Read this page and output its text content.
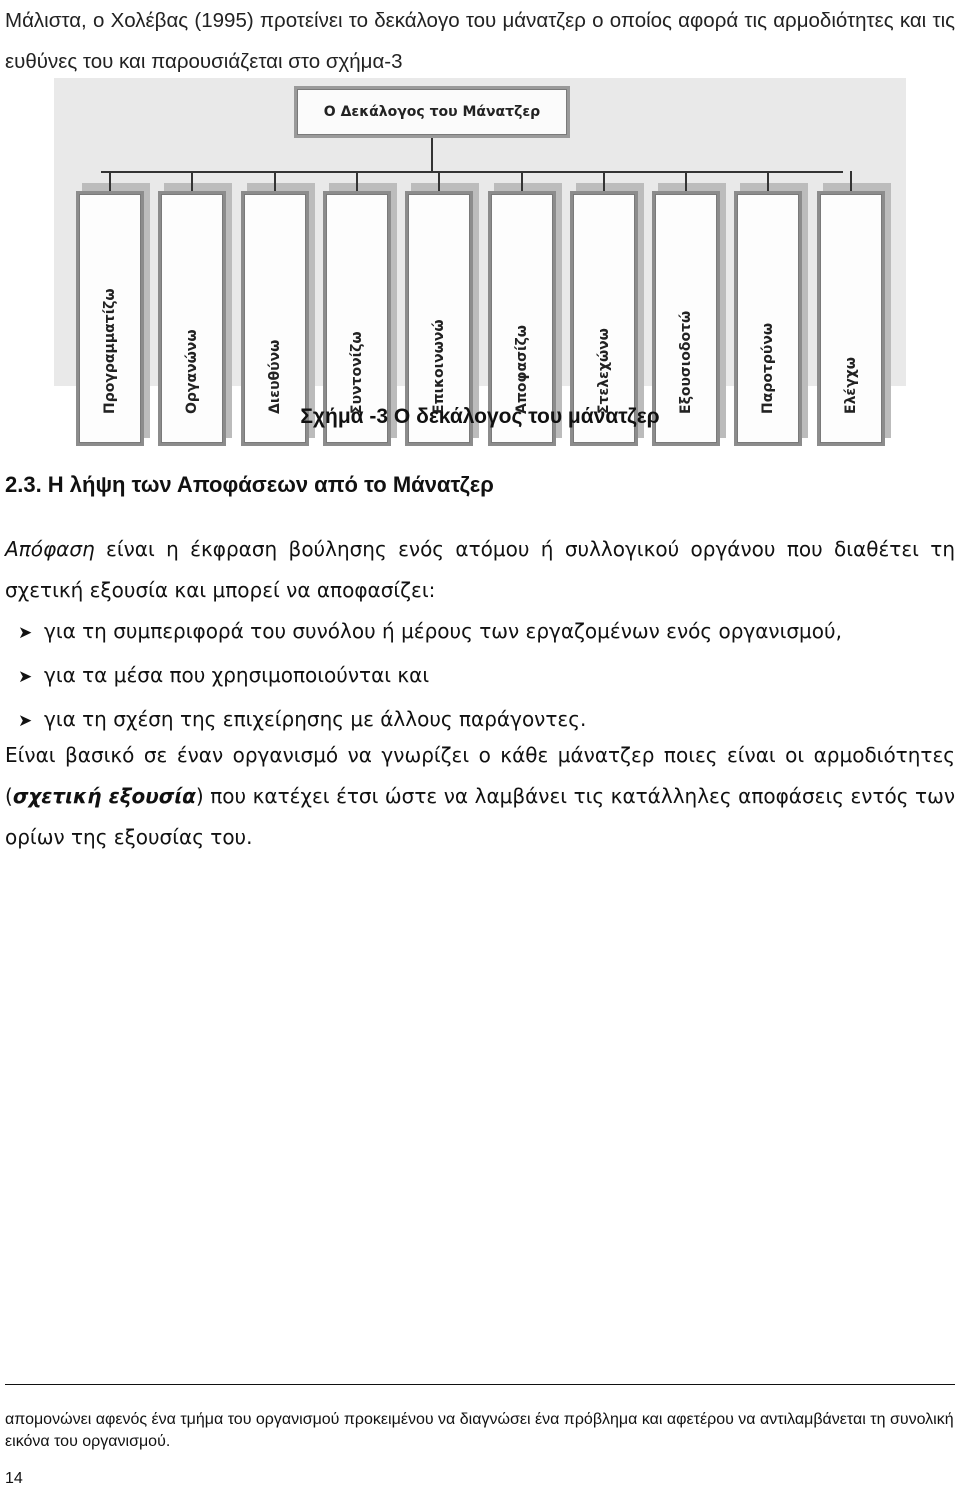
Μάλιστα, ο Χολέβας (1995) προτείνει το δεκάλογο του μάνατζερ ο οποίος αφορά τις αρμοδιότητες και τις ευθύνες του και παρουσιάζεται στο σχήμα-3

Ο Δεκάλογος του Μάνατζερ
Προγραμματίζω	Οργανώνω	Διευθύνω	Συντονίζω	Επικοινωνώ	Αποφασίζω	Στελεχώνω	Εξουσιοδοτώ	Παροτρύνω	Ελέγχω
Σχήμα -3 Ο δεκάλογος του μάνατζερ
2.3. Η λήψη των Αποφάσεων από το Μάνατζερ

Απόφαση είναι η έκφραση βούλησης ενός ατόμου ή συλλογικού οργάνου που διαθέτει τη σχετική εξουσία και μπορεί να αποφασίζει:

➤ για τη συμπεριφορά του συνόλου ή μέρους των εργαζομένων ενός οργανισμού,
➤ για τα μέσα που χρησιμοποιούνται και
➤ για τη σχέση της επιχείρησης με άλλους παράγοντες.

Είναι βασικό σε έναν οργανισμό να γνωρίζει ο κάθε μάνατζερ ποιες είναι οι αρμοδιότητες (σχετική εξουσία) που κατέχει έτσι ώστε να λαμβάνει τις κατάλληλες αποφάσεις εντός των ορίων της εξουσίας του.

απομονώνει αφενός ένα τμήμα του οργανισμού προκειμένου να διαγνώσει ένα πρόβλημα και αφετέρου να αντιλαμβάνεται τη συνολική εικόνα του οργανισμού.
14
